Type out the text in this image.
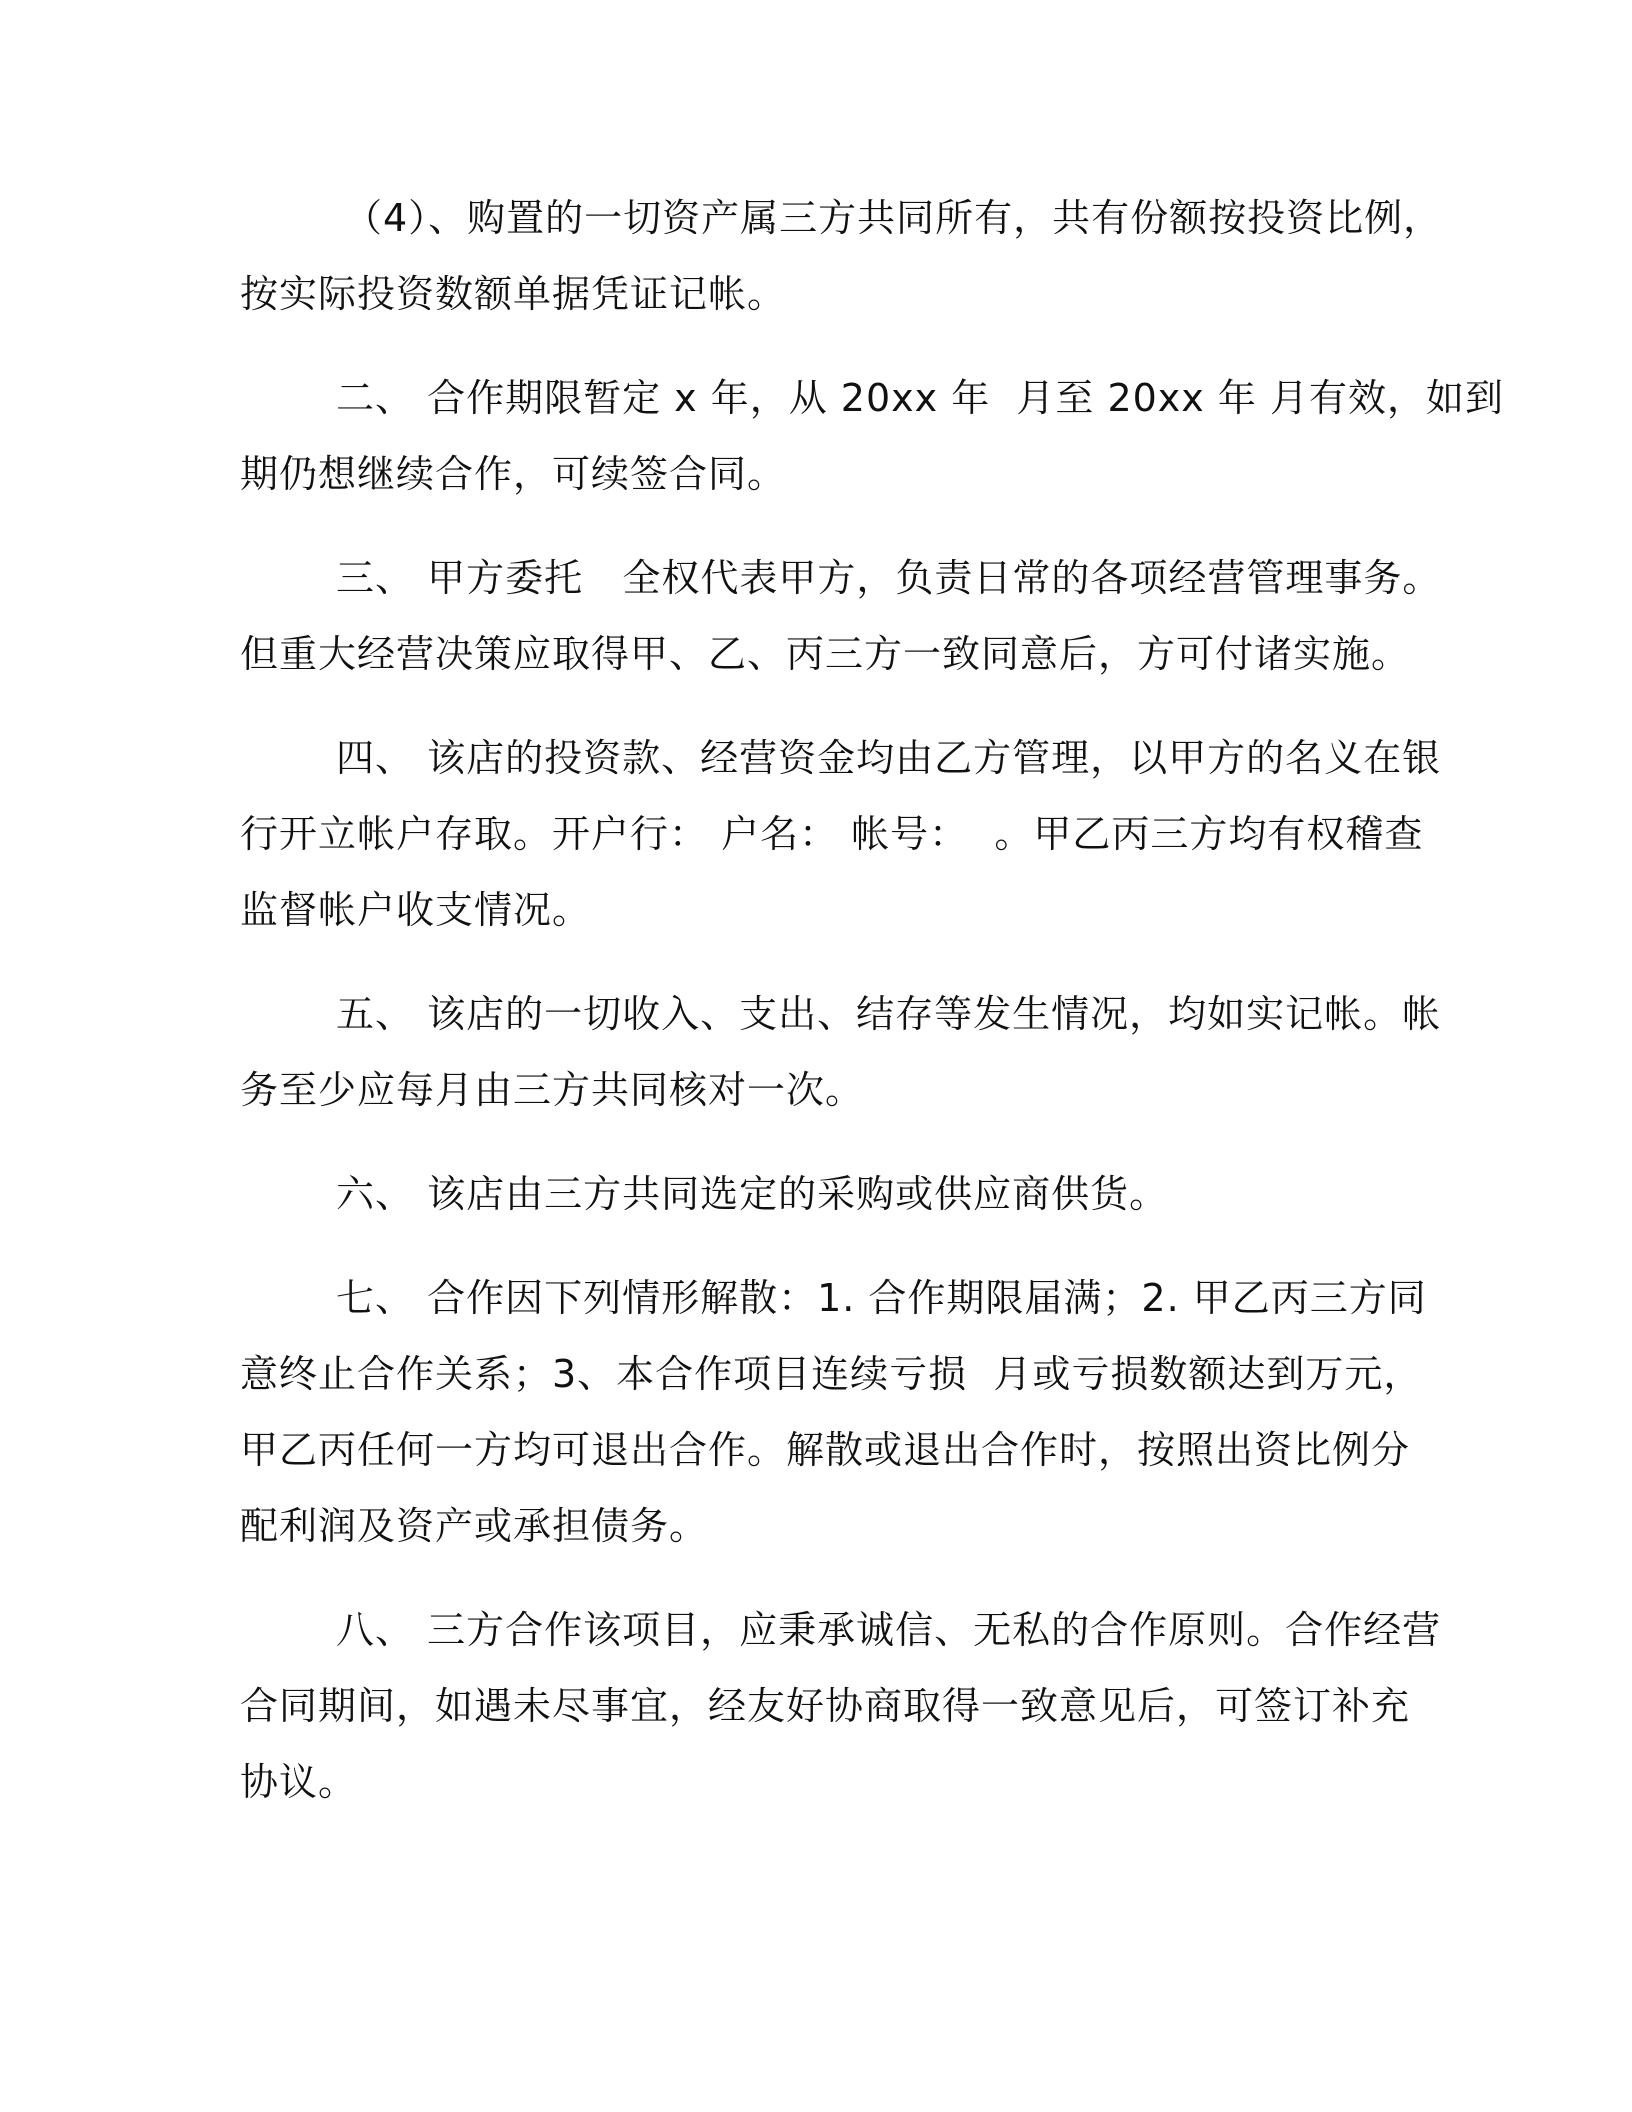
（4）、购置的一切资产属三方共同所有，共有份额按投资比例，
按实际投资数额单据凭证记帐。
二、 合作期限暂定 x 年，从 20xx 年  月至 20xx 年 月有效，如到
期仍想继续合作，可续签合同。
三、 甲方委托   全权代表甲方，负责日常的各项经营管理事务。
但重大经营决策应取得甲、乙、丙三方一致同意后，方可付诸实施。
四、 该店的投资款、经营资金均由乙方管理，以甲方的名义在银
行开立帐户存取。开户行： 户名： 帐号：  。甲乙丙三方均有权稽查
监督帐户收支情况。
五、 该店的一切收入、支出、结存等发生情况，均如实记帐。帐
务至少应每月由三方共同核对一次。
六、 该店由三方共同选定的采购或供应商供货。
七、 合作因下列情形解散：1. 合作期限届满；2. 甲乙丙三方同
意终止合作关系；3、本合作项目连续亏损  月或亏损数额达到万元，
甲乙丙任何一方均可退出合作。解散或退出合作时，按照出资比例分
配利润及资产或承担债务。
八、 三方合作该项目，应秉承诚信、无私的合作原则。合作经营
合同期间，如遇未尽事宜，经友好协商取得一致意见后，可签订补充
协议。
